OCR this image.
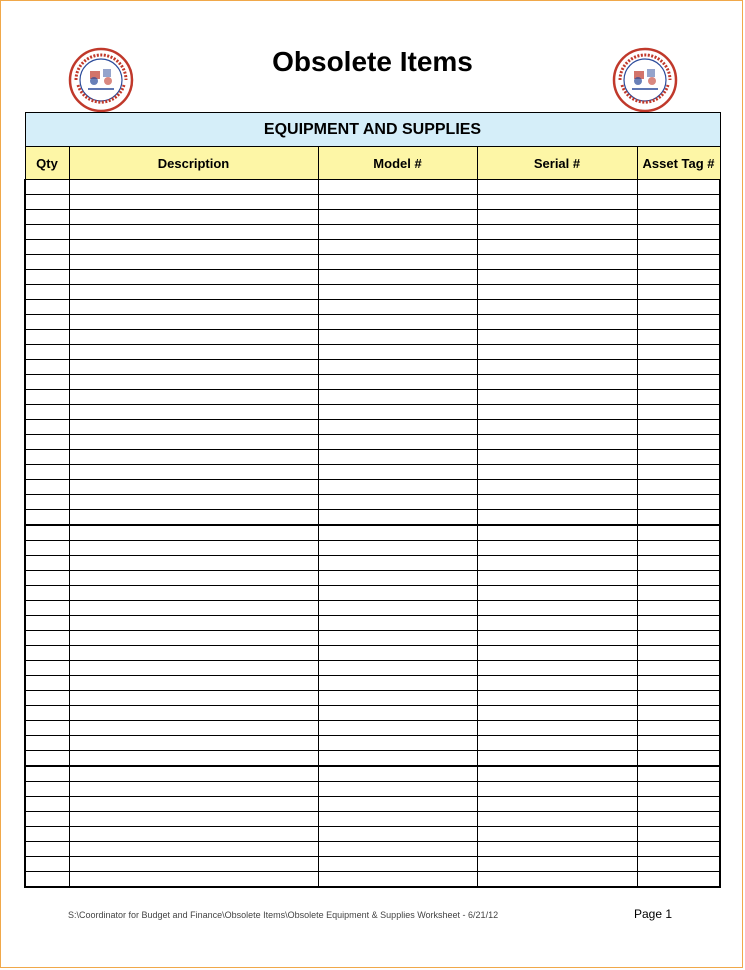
Obsolete Items
EQUIPMENT AND SUPPLIES				
Qty	Description	Model #	Serial #	Asset Tag #

S:\Coordinator for Budget and Finance\Obsolete Items\Obsolete Equipment & Supplies Worksheet - 6/21/12	Page 1
